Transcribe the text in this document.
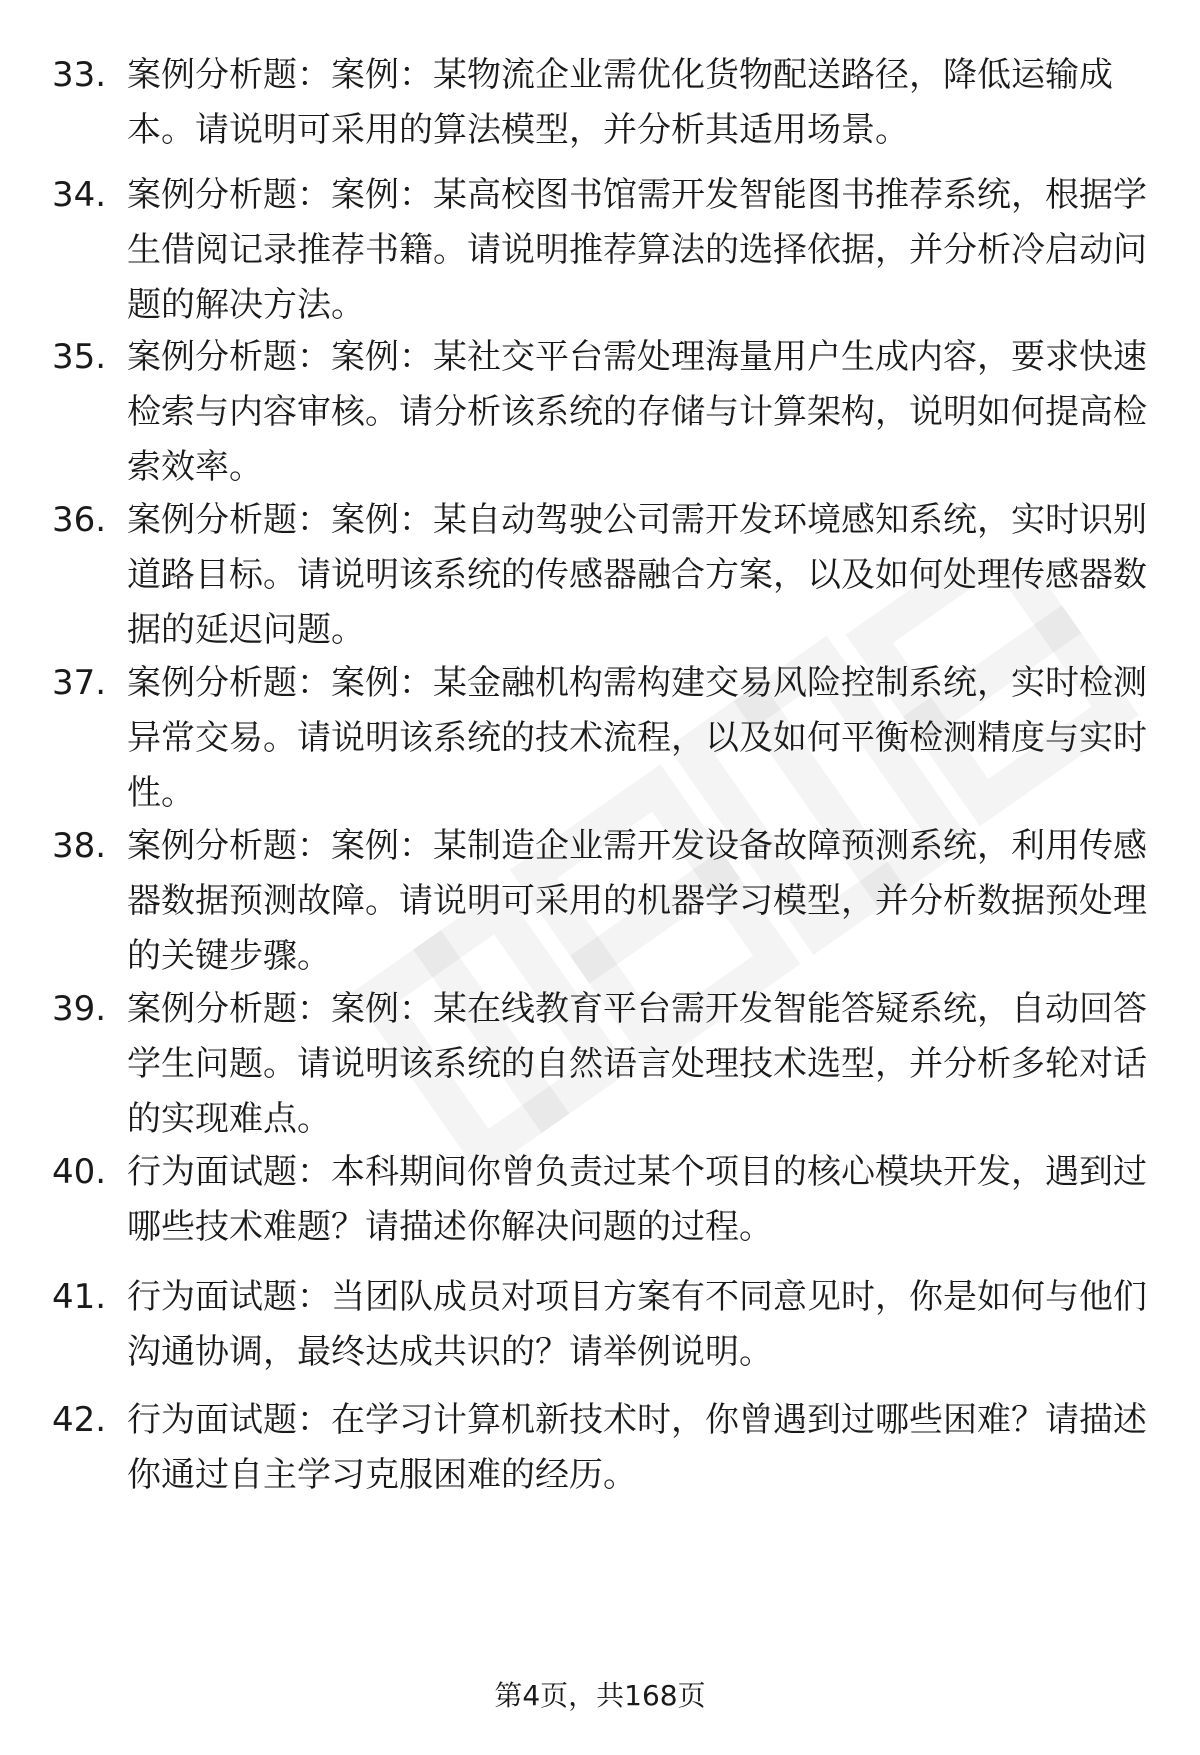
33. 案例分析题：案例：某物流企业需优化货物配送路径，降低运输成本。请说明可采用的算法模型，并分析其适用场景。
34. 案例分析题：案例：某高校图书馆需开发智能图书推荐系统，根据学生借阅记录推荐书籍。请说明推荐算法的选择依据，并分析冷启动问题的解决方法。
35. 案例分析题：案例：某社交平台需处理海量用户生成内容，要求快速检索与内容审核。请分析该系统的存储与计算架构，说明如何提高检索效率。
36. 案例分析题：案例：某自动驾驶公司需开发环境感知系统，实时识别道路目标。请说明该系统的传感器融合方案，以及如何处理传感器数据的延迟问题。
37. 案例分析题：案例：某金融机构需构建交易风险控制系统，实时检测异常交易。请说明该系统的技术流程，以及如何平衡检测精度与实时性。
38. 案例分析题：案例：某制造企业需开发设备故障预测系统，利用传感器数据预测故障。请说明可采用的机器学习模型，并分析数据预处理的关键步骤。
39. 案例分析题：案例：某在线教育平台需开发智能答疑系统，自动回答学生问题。请说明该系统的自然语言处理技术选型，并分析多轮对话的实现难点。
40. 行为面试题：本科期间你曾负责过某个项目的核心模块开发，遇到过哪些技术难题？请描述你解决问题的过程。
41. 行为面试题：当团队成员对项目方案有不同意见时，你是如何与他们沟通协调，最终达成共识的？请举例说明。
42. 行为面试题：在学习计算机新技术时，你曾遇到过哪些困难？请描述你通过自主学习克服困难的经历。
第4页，共168页
